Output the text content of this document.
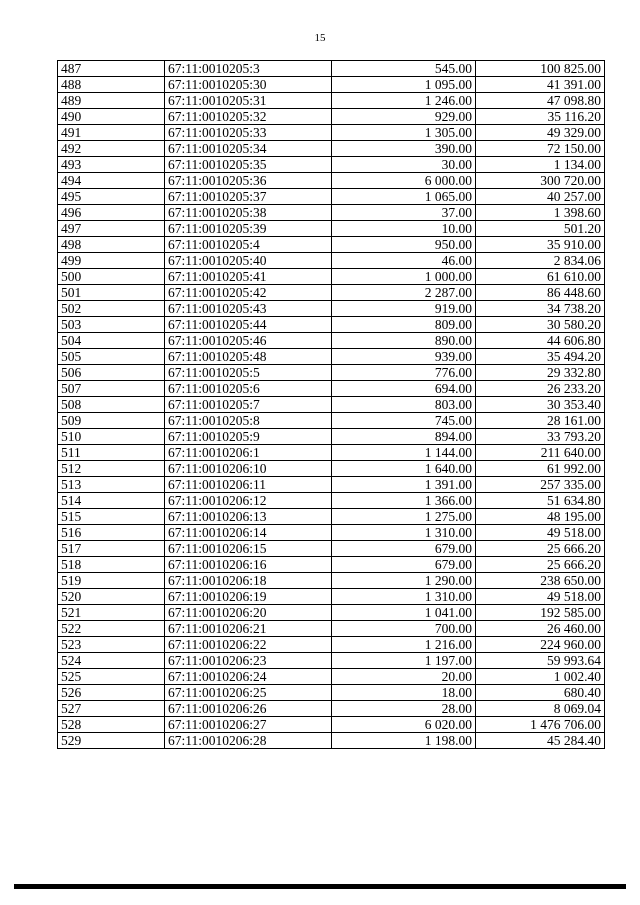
15
487	67:11:0010205:3	545.00	100 825.00
488	67:11:0010205:30	1 095.00	41 391.00
489	67:11:0010205:31	1 246.00	47 098.80
490	67:11:0010205:32	929.00	35 116.20
491	67:11:0010205:33	1 305.00	49 329.00
492	67:11:0010205:34	390.00	72 150.00
493	67:11:0010205:35	30.00	1 134.00
494	67:11:0010205:36	6 000.00	300 720.00
495	67:11:0010205:37	1 065.00	40 257.00
496	67:11:0010205:38	37.00	1 398.60
497	67:11:0010205:39	10.00	501.20
498	67:11:0010205:4	950.00	35 910.00
499	67:11:0010205:40	46.00	2 834.06
500	67:11:0010205:41	1 000.00	61 610.00
501	67:11:0010205:42	2 287.00	86 448.60
502	67:11:0010205:43	919.00	34 738.20
503	67:11:0010205:44	809.00	30 580.20
504	67:11:0010205:46	890.00	44 606.80
505	67:11:0010205:48	939.00	35 494.20
506	67:11:0010205:5	776.00	29 332.80
507	67:11:0010205:6	694.00	26 233.20
508	67:11:0010205:7	803.00	30 353.40
509	67:11:0010205:8	745.00	28 161.00
510	67:11:0010205:9	894.00	33 793.20
511	67:11:0010206:1	1 144.00	211 640.00
512	67:11:0010206:10	1 640.00	61 992.00
513	67:11:0010206:11	1 391.00	257 335.00
514	67:11:0010206:12	1 366.00	51 634.80
515	67:11:0010206:13	1 275.00	48 195.00
516	67:11:0010206:14	1 310.00	49 518.00
517	67:11:0010206:15	679.00	25 666.20
518	67:11:0010206:16	679.00	25 666.20
519	67:11:0010206:18	1 290.00	238 650.00
520	67:11:0010206:19	1 310.00	49 518.00
521	67:11:0010206:20	1 041.00	192 585.00
522	67:11:0010206:21	700.00	26 460.00
523	67:11:0010206:22	1 216.00	224 960.00
524	67:11:0010206:23	1 197.00	59 993.64
525	67:11:0010206:24	20.00	1 002.40
526	67:11:0010206:25	18.00	680.40
527	67:11:0010206:26	28.00	8 069.04
528	67:11:0010206:27	6 020.00	1 476 706.00
529	67:11:0010206:28	1 198.00	45 284.40
